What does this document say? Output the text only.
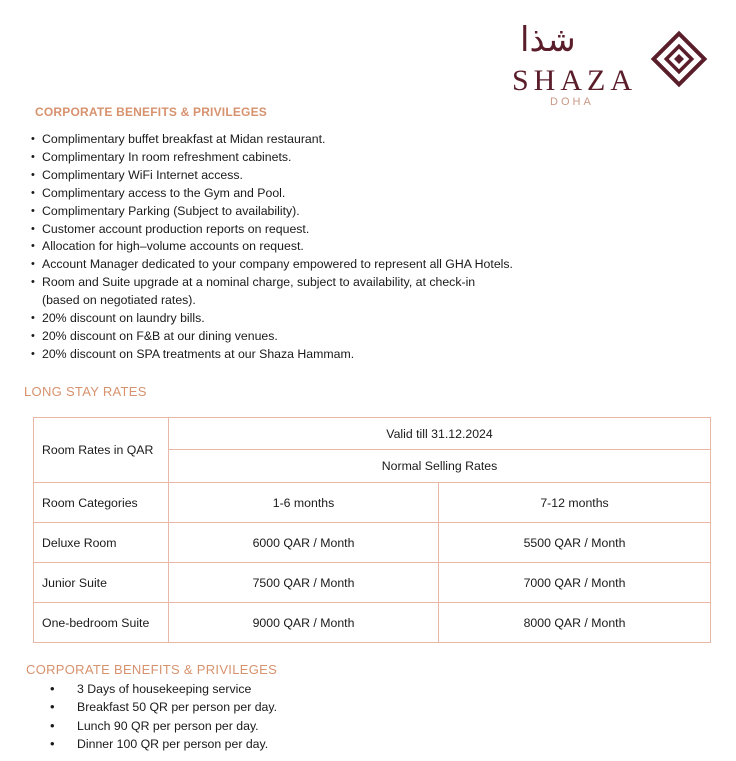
شذا
SHAZA
DOHA
CORPORATE BENEFITS & PRIVILEGES
• Complimentary buffet breakfast at Midan restaurant.
• Complimentary In room refreshment cabinets.
• Complimentary WiFi Internet access.
• Complimentary access to the Gym and Pool.
• Complimentary Parking (Subject to availability).
• Customer account production reports on request.
• Allocation for high–volume accounts on request.
• Account Manager dedicated to your company empowered to represent all GHA Hotels.
• Room and Suite upgrade at a nominal charge, subject to availability, at check-in (based on negotiated rates).
• 20% discount on laundry bills.
• 20% discount on F&B at our dining venues.
• 20% discount on SPA treatments at our Shaza Hammam.
LONG STAY RATES
Room Rates in QAR	Valid till 31.12.2024	
	Normal Selling Rates	
Room Categories	1-6 months	7-12 months
Deluxe Room	6000 QAR / Month	5500 QAR / Month
Junior Suite	7500 QAR / Month	7000 QAR / Month
One-bedroom Suite	9000 QAR / Month	8000 QAR / Month
CORPORATE BENEFITS & PRIVILEGES
• 3 Days of housekeeping service
• Breakfast 50 QR per person per day.
• Lunch 90 QR per person per day.
• Dinner 100 QR per person per day.
